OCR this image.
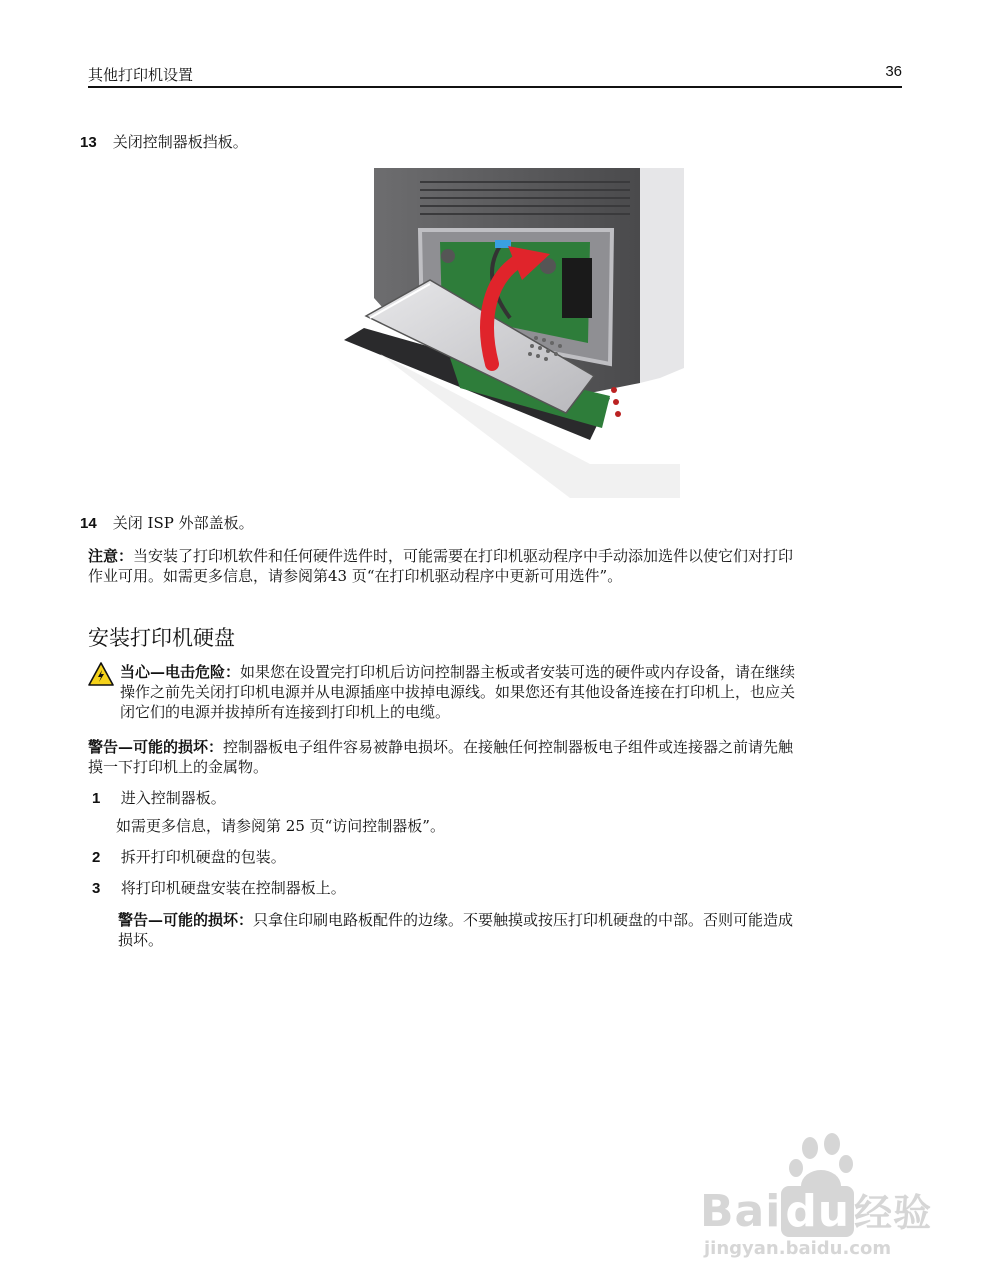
其他打印机设置	36
13 关闭控制器板挡板。
14 关闭 ISP 外部盖板。
注意：当安装了打印机软件和任何硬件选件时，可能需要在打印机驱动程序中手动添加选件以使它们对打印
作业可用。如需更多信息，请参阅第43 页“在打印机驱动程序中更新可用选件”。
安装打印机硬盘
当心—电击危险：如果您在设置完打印机后访问控制器主板或者安装可选的硬件或内存设备，请在继续
操作之前先关闭打印机电源并从电源插座中拔掉电源线。如果您还有其他设备连接在打印机上，也应关
闭它们的电源并拔掉所有连接到打印机上的电缆。
警告—可能的损坏：控制器板电子组件容易被静电损坏。在接触任何控制器板电子组件或连接器之前请先触
摸一下打印机上的金属物。
1 进入控制器板。
如需更多信息，请参阅第 25 页“访问控制器板”。
2 拆开打印机硬盘的包装。
3 将打印机硬盘安装在控制器板上。
警告—可能的损坏：只拿住印刷电路板配件的边缘。不要触摸或按压打印机硬盘的中部。否则可能造成
损坏。
Baidu 经验
jingyan.baidu.com
